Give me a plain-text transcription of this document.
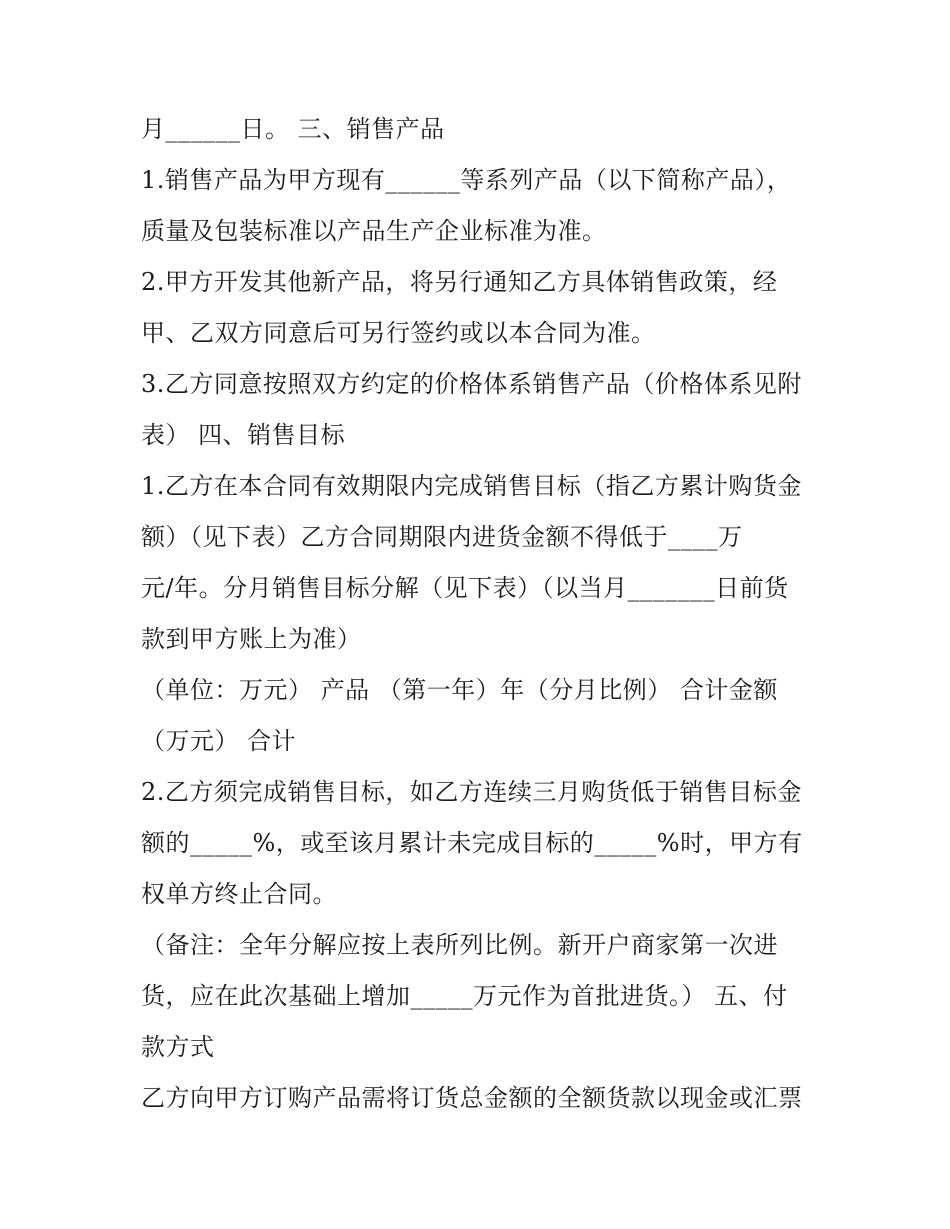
月______日。 三、销售产品
1.销售产品为甲方现有______等系列产品（以下简称产品），
质量及包装标准以产品生产企业标准为准。
2.甲方开发其他新产品，将另行通知乙方具体销售政策，经
甲、乙双方同意后可另行签约或以本合同为准。
3.乙方同意按照双方约定的价格体系销售产品（价格体系见附
表） 四、销售目标
1.乙方在本合同有效期限内完成销售目标（指乙方累计购货金
额）（见下表）乙方合同期限内进货金额不得低于____万
元/年。分月销售目标分解（见下表）（以当月_______日前货
款到甲方账上为准）
（单位：万元） 产品 （第一年）年（分月比例） 合计金额
（万元） 合计
2.乙方须完成销售目标，如乙方连续三月购货低于销售目标金
额的_____%，或至该月累计未完成目标的_____%时，甲方有
权单方终止合同。
（备注：全年分解应按上表所列比例。新开户商家第一次进
货，应在此次基础上增加_____万元作为首批进货。） 五、付
款方式
乙方向甲方订购产品需将订货总金额的全额货款以现金或汇票
